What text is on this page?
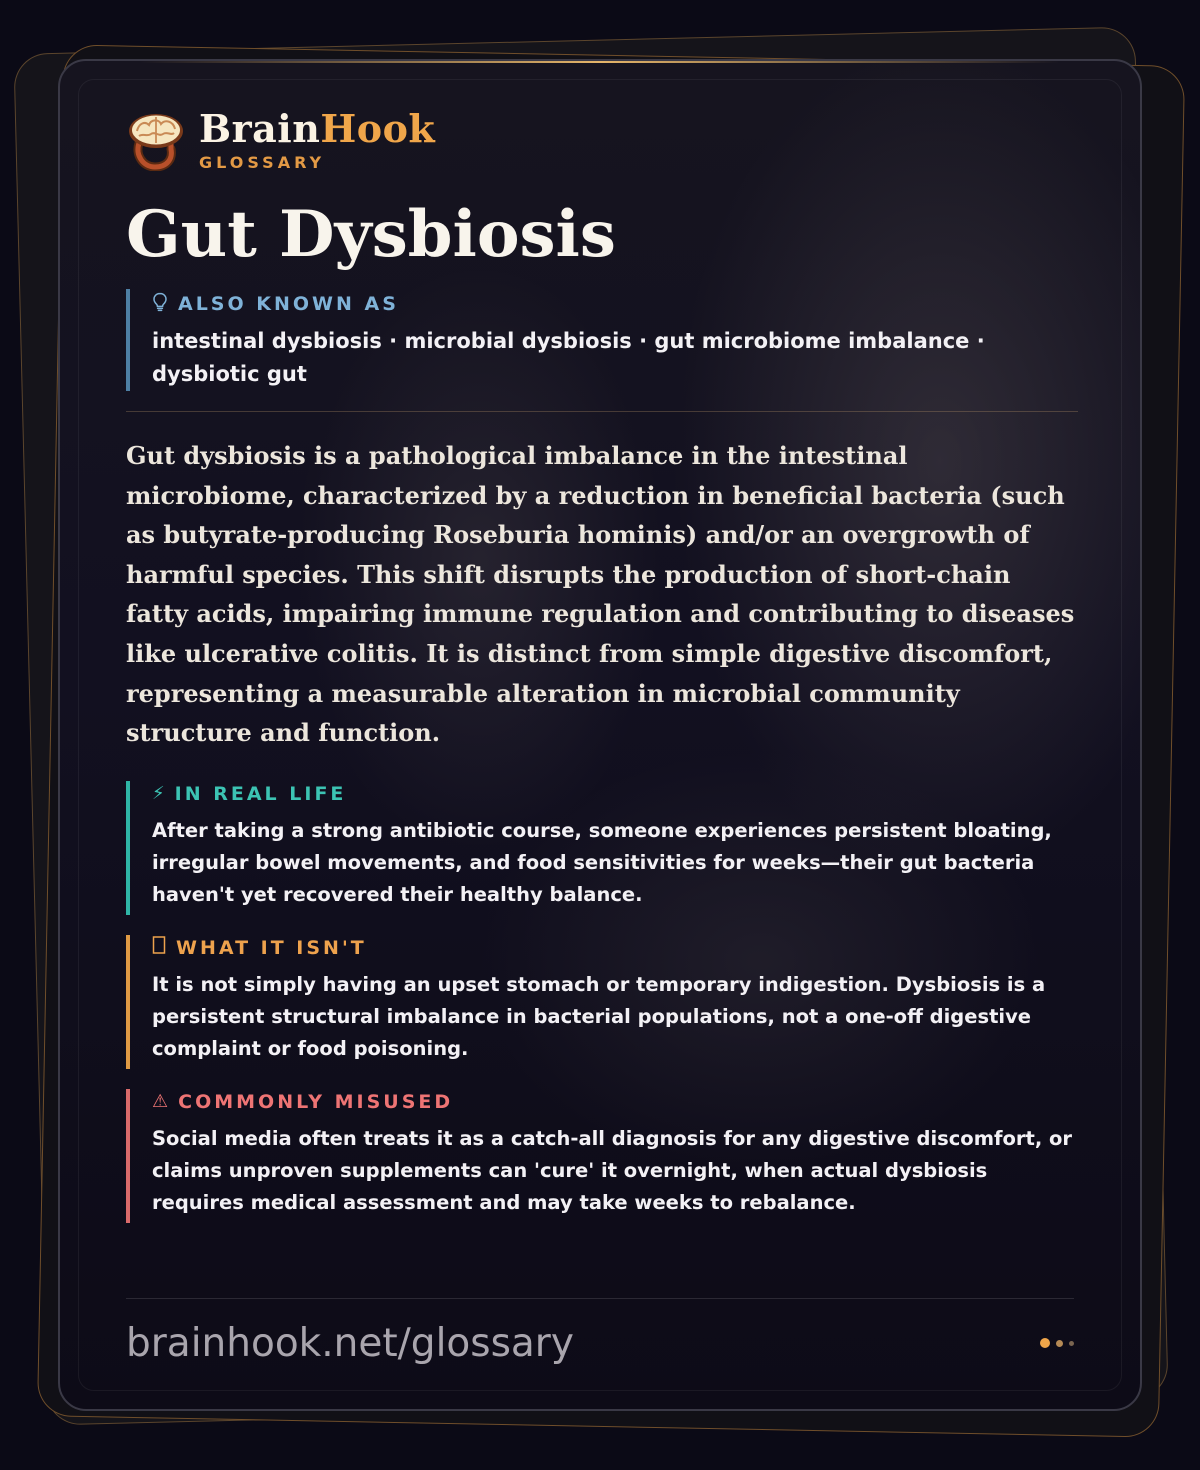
BrainHook
GLOSSARY
Gut Dysbiosis
ALSO KNOWN AS
intestinal dysbiosis · microbial dysbiosis · gut microbiome imbalance · dysbiotic gut
Gut dysbiosis is a pathological imbalance in the intestinal microbiome, characterized by a reduction in beneficial bacteria (such as butyrate-producing Roseburia hominis) and/or an overgrowth of harmful species. This shift disrupts the production of short-chain fatty acids, impairing immune regulation and contributing to diseases like ulcerative colitis. It is distinct from simple digestive discomfort, representing a measurable alteration in microbial community structure and function.
⚡ IN REAL LIFE
After taking a strong antibiotic course, someone experiences persistent bloating, irregular bowel movements, and food sensitivities for weeks—their gut bacteria haven't yet recovered their healthy balance.
WHAT IT ISN'T
It is not simply having an upset stomach or temporary indigestion. Dysbiosis is a persistent structural imbalance in bacterial populations, not a one-off digestive complaint or food poisoning.
⚠ COMMONLY MISUSED
Social media often treats it as a catch-all diagnosis for any digestive discomfort, or claims unproven supplements can 'cure' it overnight, when actual dysbiosis requires medical assessment and may take weeks to rebalance.
brainhook.net/glossary
